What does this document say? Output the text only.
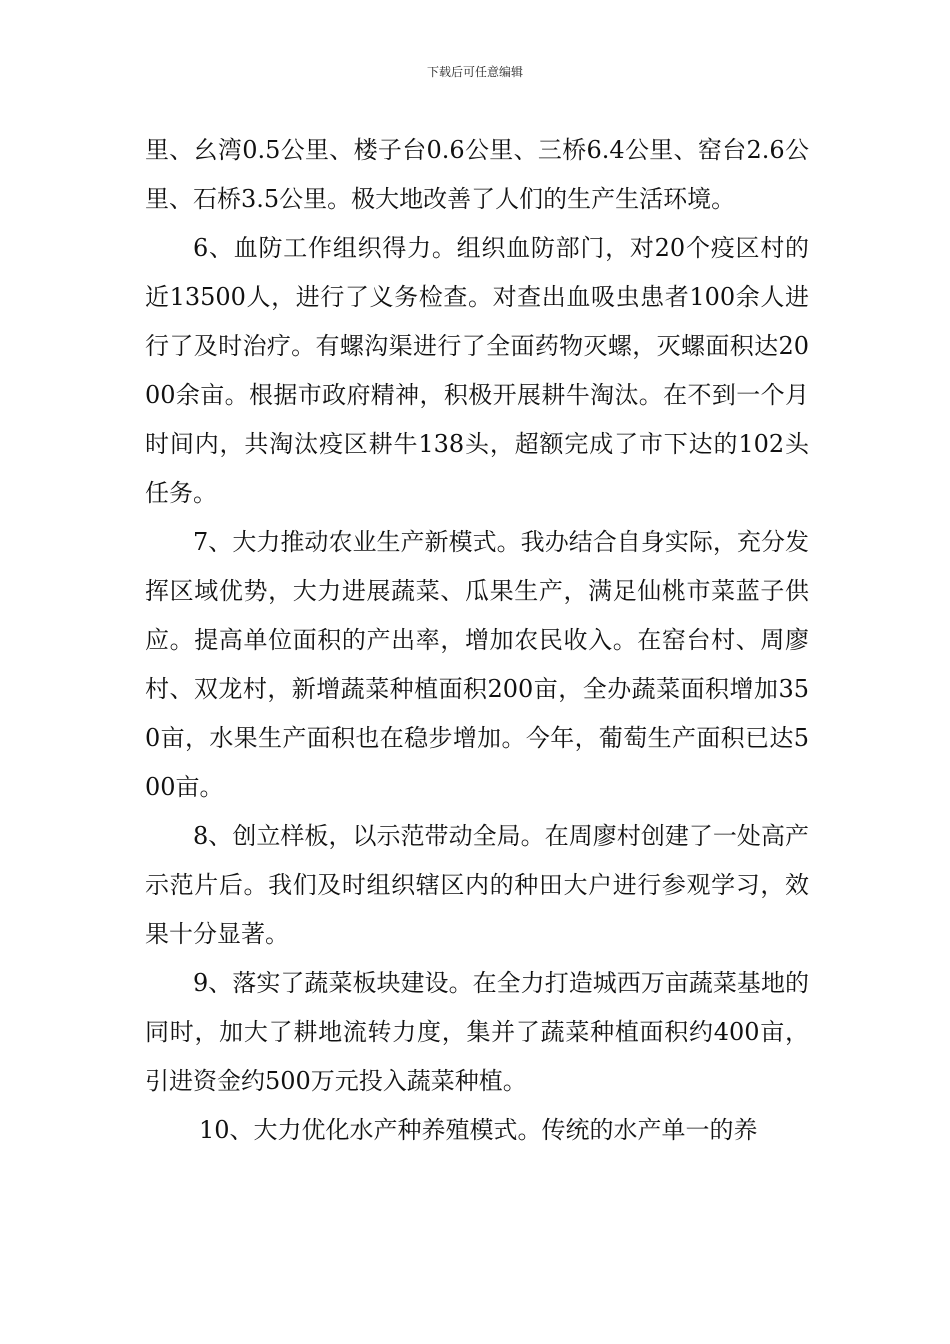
下载后可任意编辑

里、幺湾0.5公里、楼子台0.6公里、三桥6.4公里、窑台2.6公里、石桥3.5公里。极大地改善了人们的生产生活环境。

6、血防工作组织得力。组织血防部门，对20个疫区村的近13500人，进行了义务检查。对查出血吸虫患者100余人进行了及时治疗。有螺沟渠进行了全面药物灭螺，灭螺面积达2000余亩。根据市政府精神，积极开展耕牛淘汰。在不到一个月时间内，共淘汰疫区耕牛138头，超额完成了市下达的102头任务。

7、大力推动农业生产新模式。我办结合自身实际，充分发挥区域优势，大力进展蔬菜、瓜果生产，满足仙桃市菜蓝子供应。提高单位面积的产出率，增加农民收入。在窑台村、周廖村、双龙村，新增蔬菜种植面积200亩，全办蔬菜面积增加350亩，水果生产面积也在稳步增加。今年，葡萄生产面积已达500亩。

8、创立样板，以示范带动全局。在周廖村创建了一处高产示范片后。我们及时组织辖区内的种田大户进行参观学习，效果十分显著。

9、落实了蔬菜板块建设。在全力打造城西万亩蔬菜基地的同时，加大了耕地流转力度，集并了蔬菜种植面积约400亩，引进资金约500万元投入蔬菜种植。

10、大力优化水产种养殖模式。传统的水产单一的养
